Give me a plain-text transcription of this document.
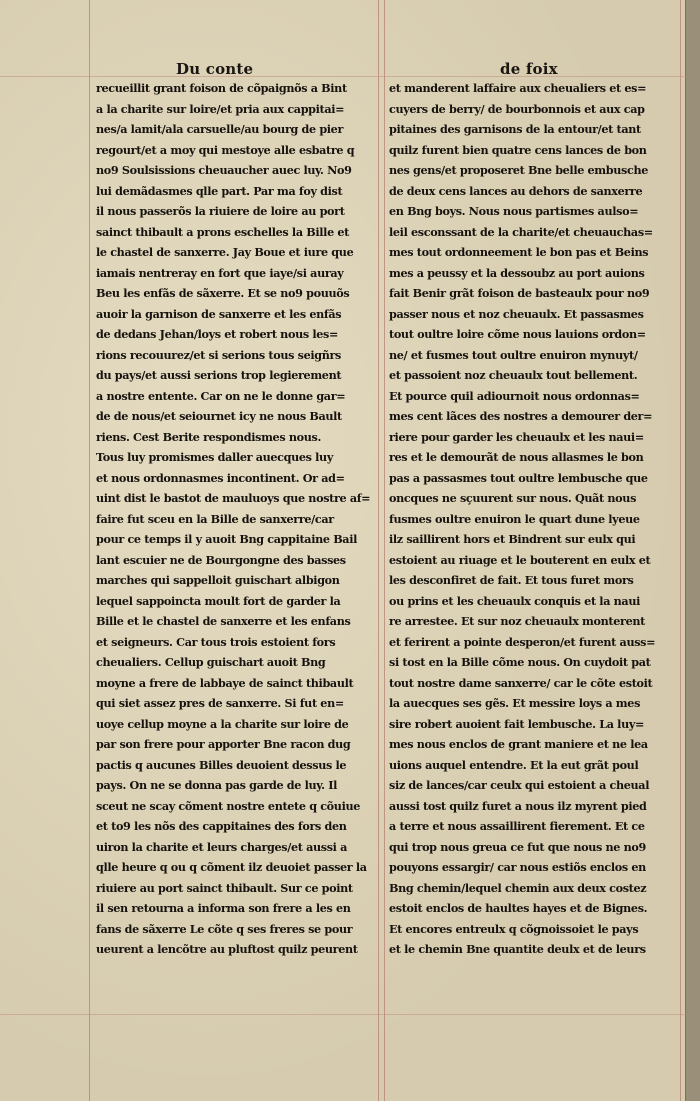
Du conte	de foix
recueillit grant foison de cõpaignõs a Bint
a la charite sur loire/et pria aux cappitai=
nes/a lamit/ala carsuelle/au bourg de pier
regourt/et a moy qui mestoye alle esbatre q
no9 Soulsissions cheuaucher auec luy. No9
lui demãdasmes qlle part. Par ma foy dist
il nous passerõs la riuiere de loire au port
sainct thibault a prons eschelles la Bille et
le chastel de sanxerre. Jay Boue et iure que
iamais nentreray en fort que iaye/si auray
Beu les enfãs de sãxerre. Et se no9 pouuõs
auoir la garnison de sanxerre et les enfãs
de dedans Jehan/loys et robert nous les=
rions recouurez/et si serions tous seigñrs
du pays/et aussi serions trop legierement
a nostre entente. Car on ne le donne gar=
de de nous/et seiournet icy ne nous Bault
riens. Cest Berite respondismes nous.
Tous luy promismes daller auecques luy
et nous ordonnasmes incontinent. Or ad=
uint dist le bastot de mauluoys que nostre af=
faire fut sceu en la Bille de sanxerre/car
pour ce temps il y auoit Bng cappitaine Bail
lant escuier ne de Bourgongne des basses
marches qui sappelloit guischart albigon
lequel sappoincta moult fort de garder la
Bille et le chastel de sanxerre et les enfans
et seigneurs. Car tous trois estoient fors
cheualiers. Cellup guischart auoit Bng
moyne a frere de labbaye de sainct thibault
qui siet assez pres de sanxerre. Si fut en=
uoye cellup moyne a la charite sur loire de
par son frere pour apporter Bne racon dug
pactis q aucunes Billes deuoient dessus le
pays. On ne se donna pas garde de luy. Il
sceut ne scay cõment nostre entete q cõuiue
et to9 les nõs des cappitaines des fors den
uiron la charite et leurs charges/et aussi a
qlle heure q ou q cõment ilz deuoiet passer la
riuiere au port sainct thibault. Sur ce point
il sen retourna a informa son frere a les en
fans de sãxerre Le cõte q ses freres se pour
ueurent a lencõtre au pluftost quilz peurent
et manderent laffaire aux cheualiers et es=
cuyers de berry/ de bourbonnois et aux cap
pitaines des garnisons de la entour/et tant
quilz furent bien quatre cens lances de bon
nes gens/et proposeret Bne belle embusche
de deux cens lances au dehors de sanxerre
en Bng boys. Nous nous partismes aulso=
leil esconssant de la charite/et cheuauchas=
mes tout ordonneement le bon pas et Beins
mes a peussy et la dessoubz au port auions
fait Benir grãt foison de basteaulx pour no9
passer nous et noz cheuaulx. Et passasmes
tout oultre loire cõme nous lauions ordon=
ne/ et fusmes tout oultre enuiron mynuyt/
et passoient noz cheuaulx tout bellement.
Et pource quil adiournoit nous ordonnas=
mes cent lãces des nostres a demourer der=
riere pour garder les cheuaulx et les naui=
res et le demourãt de nous allasmes le bon
pas a passasmes tout oultre lembusche que
oncques ne sçuurent sur nous. Quãt nous
fusmes oultre enuiron le quart dune lyeue
ilz saillirent hors et Bindrent sur eulx qui
estoient au riuage et le bouterent en eulx et
les desconfiret de fait. Et tous furet mors
ou prins et les cheuaulx conquis et la naui
re arrestee. Et sur noz cheuaulx monterent
et ferirent a pointe desperon/et furent auss=
si tost en la Bille cõme nous. On cuydoit pat
tout nostre dame sanxerre/ car le cõte estoit
la auecques ses gẽs. Et messire loys a mes
sire robert auoient fait lembusche. La luy=
mes nous enclos de grant maniere et ne lea
uions auquel entendre. Et la eut grãt poul
siz de lances/car ceulx qui estoient a cheual
aussi tost quilz furet a nous ilz myrent pied
a terre et nous assaillirent fierement. Et ce
qui trop nous greua ce fut que nous ne no9
pouyons essargir/ car nous estiõs enclos en
Bng chemin/lequel chemin aux deux costez
estoit enclos de haultes hayes et de Bignes.
Et encores entreulx q cõgnoissoiet le pays
et le chemin Bne quantite deulx et de leurs
